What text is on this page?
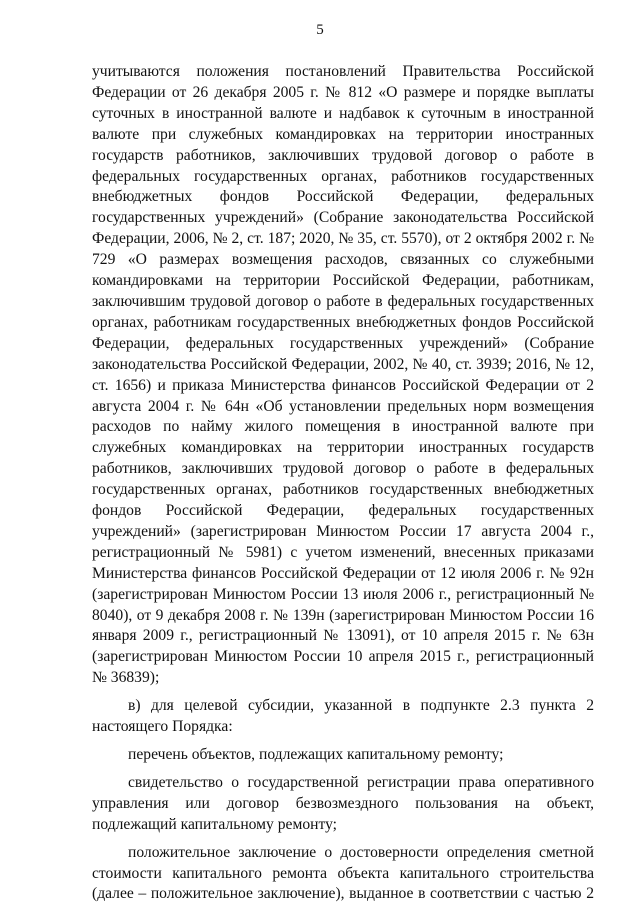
5

учитываются положения постановлений Правительства Российской Федерации от 26 декабря 2005 г. № 812 «О размере и порядке выплаты суточных в иностранной валюте и надбавок к суточным в иностранной валюте при служебных командировках на территории иностранных государств работников, заключивших трудовой договор о работе в федеральных государственных органах, работников государственных внебюджетных фондов Российской Федерации, федеральных государственных учреждений» (Собрание законодательства Российской Федерации, 2006, № 2, ст. 187; 2020, № 35, ст. 5570), от 2 октября 2002 г. № 729 «О размерах возмещения расходов, связанных со служебными командировками на территории Российской Федерации, работникам, заключившим трудовой договор о работе в федеральных государственных органах, работникам государственных внебюджетных фондов Российской Федерации, федеральных государственных учреждений» (Собрание законодательства Российской Федерации, 2002, № 40, ст. 3939; 2016, № 12, ст. 1656) и приказа Министерства финансов Российской Федерации от 2 августа 2004 г. № 64н «Об установлении предельных норм возмещения расходов по найму жилого помещения в иностранной валюте при служебных командировках на территории иностранных государств работников, заключивших трудовой договор о работе в федеральных государственных органах, работников государственных внебюджетных фондов Российской Федерации, федеральных государственных учреждений» (зарегистрирован Минюстом России 17 августа 2004 г., регистрационный № 5981) с учетом изменений, внесенных приказами Министерства финансов Российской Федерации от 12 июля 2006 г. № 92н (зарегистрирован Минюстом России 13 июля 2006 г., регистрационный № 8040), от 9 декабря 2008 г. № 139н (зарегистрирован Минюстом России 16 января 2009 г., регистрационный № 13091), от 10 апреля 2015 г. № 63н (зарегистрирован Минюстом России 10 апреля 2015 г., регистрационный № 36839);

в) для целевой субсидии, указанной в подпункте 2.3 пункта 2 настоящего Порядка:

перечень объектов, подлежащих капитальному ремонту;

свидетельство о государственной регистрации права оперативного управления или договор безвозмездного пользования на объект, подлежащий капитальному ремонту;

положительное заключение о достоверности определения сметной стоимости капитального ремонта объекта капитального строительства (далее – положительное заключение), выданное в соответствии с частью 2
